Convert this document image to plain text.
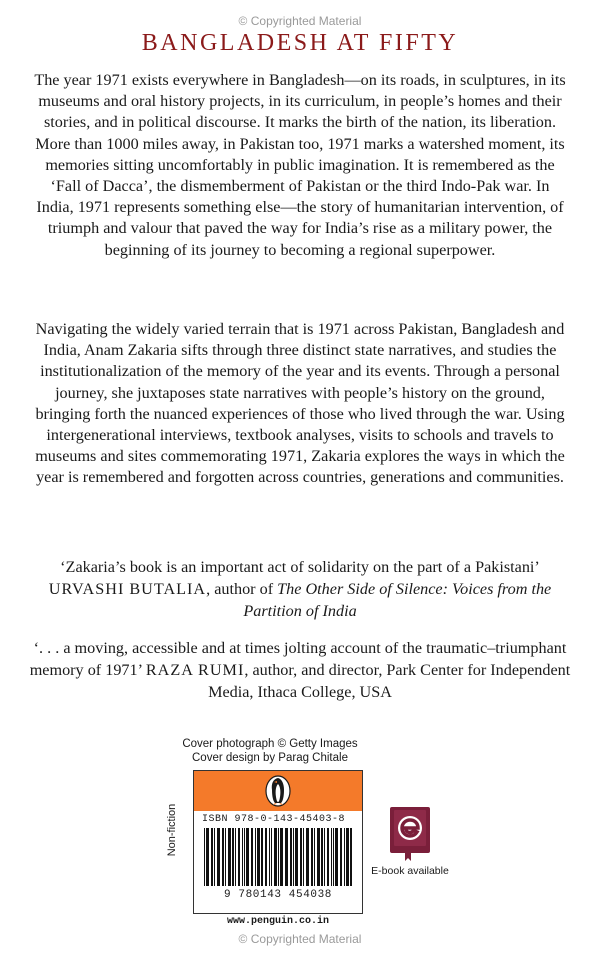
© Copyrighted Material
BANGLADESH AT FIFTY

The year 1971 exists everywhere in Bangladesh—on its roads, in sculptures, in its museums and oral history projects, in its curriculum, in people’s homes and their stories, and in political discourse. It marks the birth of the nation, its liberation. More than 1000 miles away, in Pakistan too, 1971 marks a watershed moment, its memories sitting uncomfortably in public imagination. It is remembered as the ‘Fall of Dacca’, the dismemberment of Pakistan or the third Indo-Pak war. In India, 1971 represents something else—the story of humanitarian intervention, of triumph and valour that paved the way for India’s rise as a military power, the beginning of its journey to becoming a regional superpower.

Navigating the widely varied terrain that is 1971 across Pakistan, Bangladesh and India, Anam Zakaria sifts through three distinct state narratives, and studies the institutionalization of the memory of the year and its events. Through a personal journey, she juxtaposes state narratives with people’s history on the ground, bringing forth the nuanced experiences of those who lived through the war. Using intergenerational interviews, textbook analyses, visits to schools and travels to museums and sites commemorating 1971, Zakaria explores the ways in which the year is remembered and forgotten across countries, generations and communities.

‘Zakaria’s book is an important act of solidarity on the part of a Pakistani’
URVASHI BUTALIA, author of The Other Side of Silence: Voices from the Partition of India

‘. . . a moving, accessible and at times jolting account of the traumatic–triumphant memory of 1971’ RAZA RUMI, author, and director, Park Center for Independent Media, Ithaca College, USA

Cover photograph © Getty Images
Cover design by Parag Chitale
Non-fiction ISBN 978-0-143-45403-8
9 780143 454038
www.penguin.co.in
E-book available
© Copyrighted Material
